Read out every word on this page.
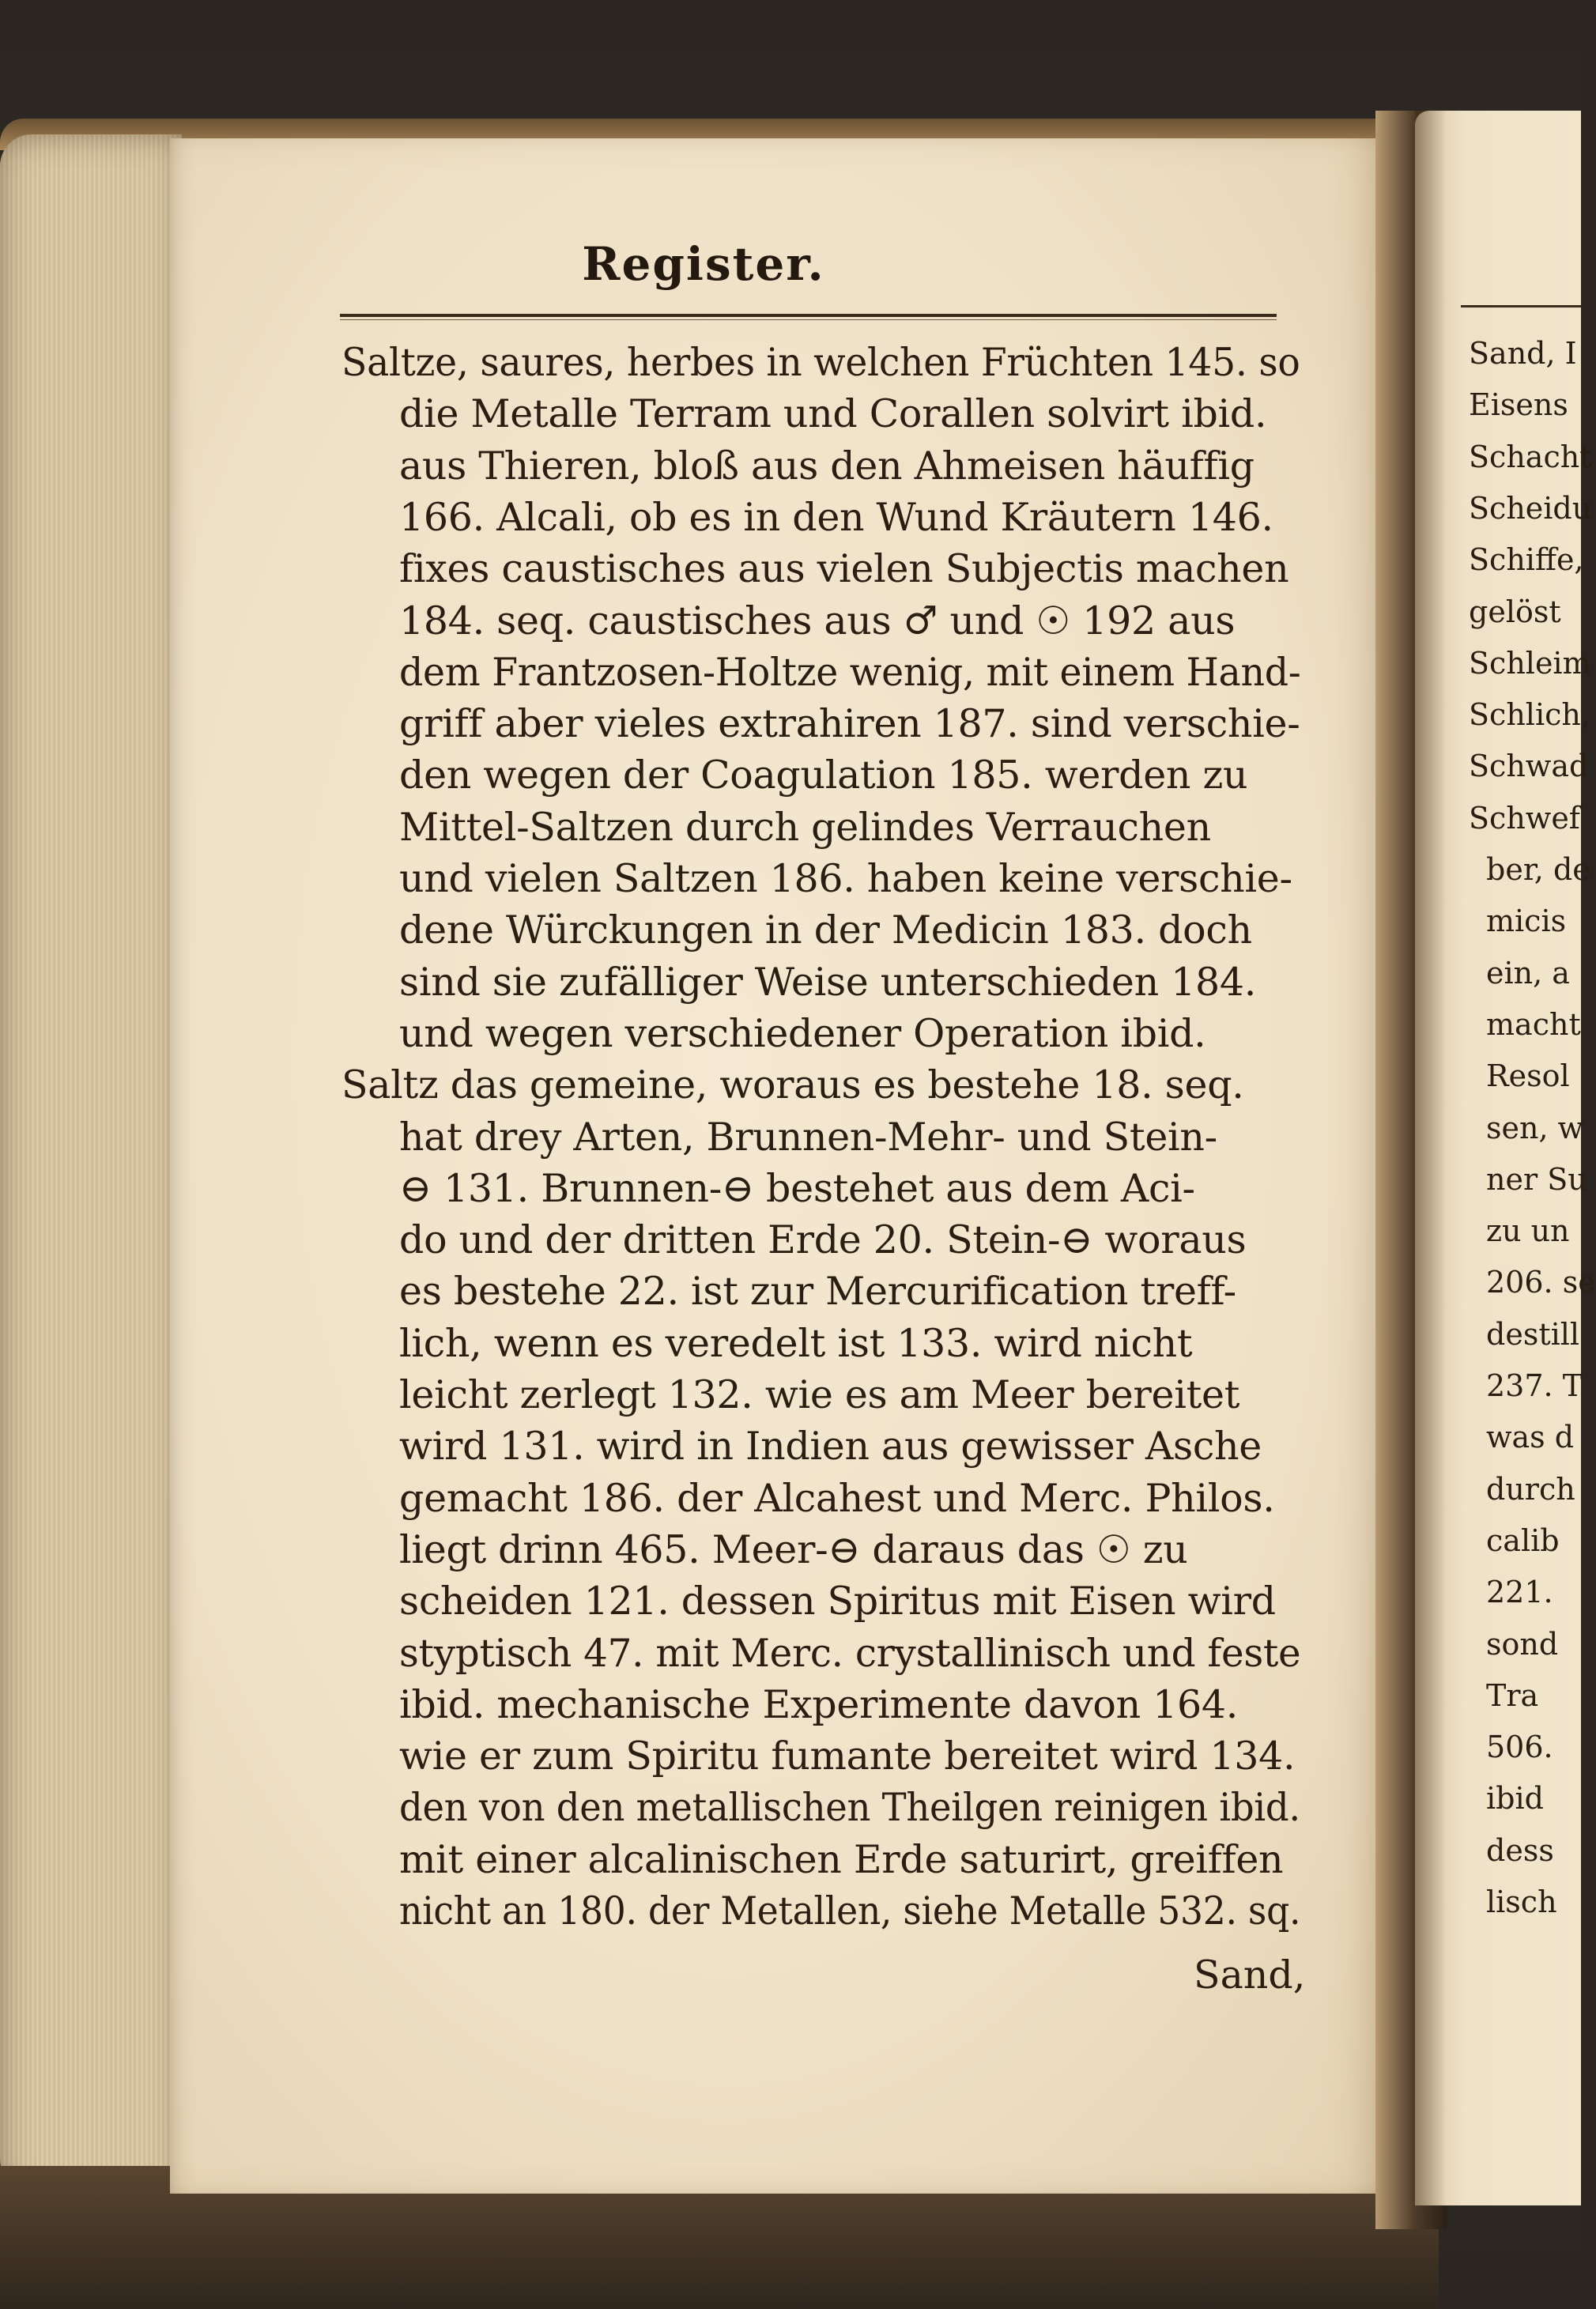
Register.
Saltze, saures, herbes in welchen Früchten 145. so
die Metalle Terram und Corallen solvirt ibid.
aus Thieren, bloß aus den Ahmeisen häuffig
166. Alcali, ob es in den Wund Kräutern 146.
fixes caustisches aus vielen Subjectis machen
184. seq. caustisches aus ♂ und ☉ 192 aus
dem Frantzosen-Holtze wenig, mit einem Hand-
griff aber vieles extrahiren 187. sind verschie-
den wegen der Coagulation 185. werden zu
Mittel-Saltzen durch gelindes Verrauchen
und vielen Saltzen 186. haben keine verschie-
dene Würckungen in der Medicin 183. doch
sind sie zufälliger Weise unterschieden 184.
und wegen verschiedener Operation ibid.
Saltz das gemeine, woraus es bestehe 18. seq.
hat drey Arten, Brunnen-Mehr- und Stein-
⊖ 131. Brunnen-⊖ bestehet aus dem Aci-
do und der dritten Erde 20. Stein-⊖ woraus
es bestehe 22. ist zur Mercurification treff-
lich, wenn es veredelt ist 133. wird nicht
leicht zerlegt 132. wie es am Meer bereitet
wird 131. wird in Indien aus gewisser Asche
gemacht 186. der Alcahest und Merc. Philos.
liegt drinn 465. Meer-⊖ daraus das ☉ zu
scheiden 121. dessen Spiritus mit Eisen wird
styptisch 47. mit Merc. crystallinisch und feste
ibid. mechanische Experimente davon 164.
wie er zum Spiritu fumante bereitet wird 134.
den von den metallischen Theilgen reinigen ibid.
mit einer alcalinischen Erde saturirt, greiffen
nicht an 180. der Metallen, siehe Metalle 532. sq.
Sand,
Sand, I
Eisens
Schacht
Scheidu
Schiffe,
gelöst
Schleim
Schlich,
Schwad
Schwef
ber, de
micis
ein, a
macht
Resol
sen, w
ner Su
zu un
206. se
destill
237. T
was d
durch
calib
221.
sond
Tra
506.
ibid
dess
lisch
